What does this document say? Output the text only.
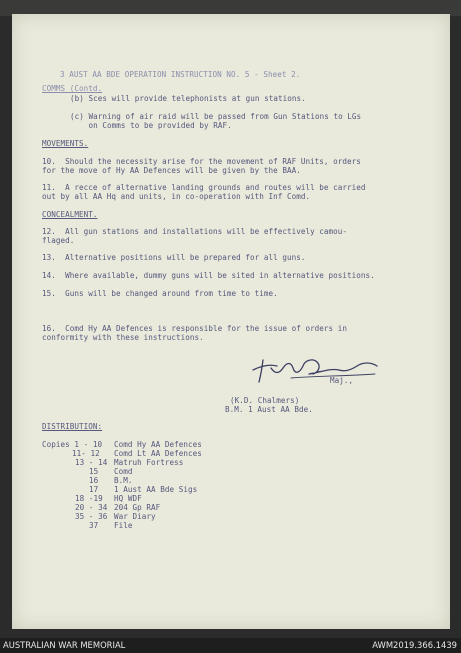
3 AUST AA BDE OPERATION INSTRUCTION NO. 5 - Sheet 2.
COMMS (Contd.
(b) Sces will provide telephonists at gun stations.
(c) Warning of air raid will be passed from Gun Stations to LGs
on Comms to be provided by RAF.
MOVEMENTS.
10.  Should the necessity arise for the movement of RAF Units, orders
for the move of Hy AA Defences will be given by the BAA.
11.  A recce of alternative landing grounds and routes will be carried
out by all AA Hq and units, in co-operation with Inf Comd.
CONCEALMENT.
12.  All gun stations and installations will be effectively camou-
flaged.
13.  Alternative positions will be prepared for all guns.
14.  Where available, dummy guns will be sited in alternative positions.
15.  Guns will be changed around from time to time.
16.  Comd Hy AA Defences is responsible for the issue of orders in
conformity with these instructions.
Maj.,
(K.D. Chalmers)
B.M. 1 Aust AA Bde.
DISTRIBUTION:
Copies 1 - 10 Comd Hy AA Defences
11- 12 Comd Lt AA Defences
13 - 14 Matruh Fortress
15 Comd
16 B.M.
17 1 Aust AA Bde Sigs
18 -19 HQ WDF
20 - 34 204 Gp RAF
35 - 36 War Diary
37 File
AUSTRALIAN WAR MEMORIAL	AWM2019.366.1439
